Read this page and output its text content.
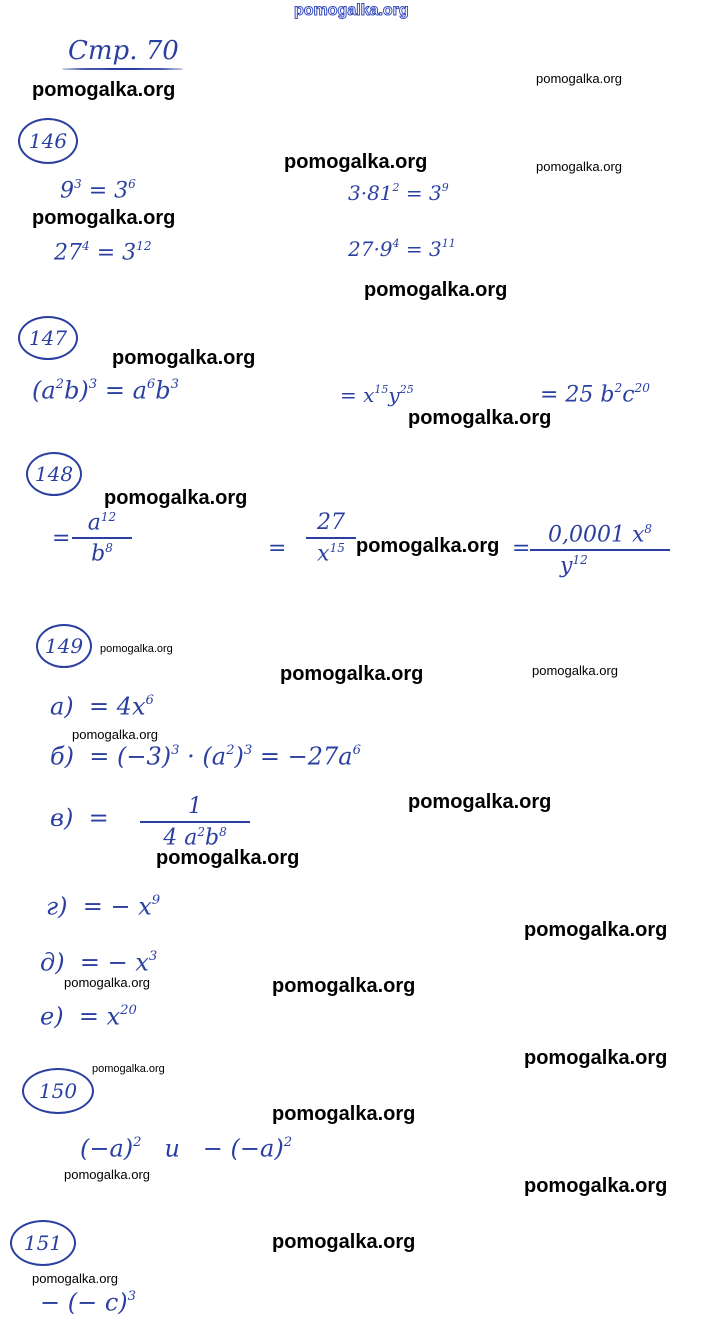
pomogalka.org
Стр. 70
pomogalka.org
pomogalka.org
pomogalka.org	pomogalka.org
pomogalka.org
pomogalka.org
pomogalka.org
pomogalka.org
pomogalka.org
pomogalka.org
pomogalka.org
pomogalka.org	pomogalka.org
pomogalka.org
pomogalka.org
pomogalka.org
pomogalka.org
pomogalka.org	pomogalka.org
pomogalka.org
pomogalka.org
pomogalka.org
pomogalka.org
pomogalka.org
pomogalka.org
pomogalka.org
146
$9^3 = 3^6$	$3\cdot 81^2 = 3^9$
$27^4 = 3^{12}$	$27\cdot 9^4 = 3^{11}$
147
$(a^2b)^3 = a^6b^3$	= $x^{15}y^{25}$	= 25 $b^2c^{20}$
148
=
$a^{12}$
$b^8$	=
27
$x^{15}$	=
0,0001 $x^8$
$y^{12}$
149
$а) = 4x^6$
$б) = (-3)^3 \cdot (a^2)^3 = -27a^6$
в) =	1
4 $a^2b^8$
г) = − $x^9$
д) = − $x^3$
$е) = x^{20}$
150
$(-a)^2$ $и - (-a)^2$
151
− (− c)$^3$
